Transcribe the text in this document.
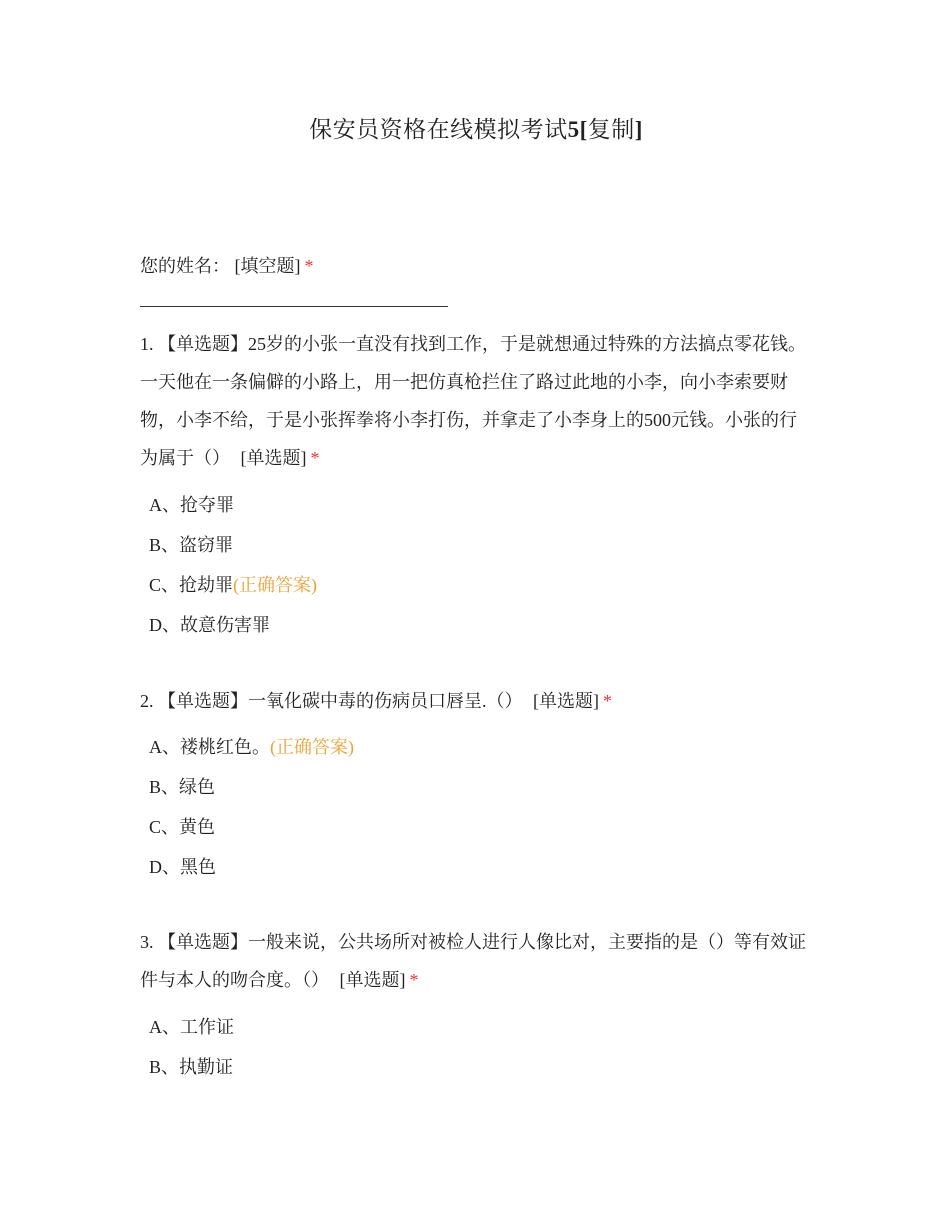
保安员资格在线模拟考试5[复制]
您的姓名： [填空题] *
1. 【单选题】25岁的小张一直没有找到工作，于是就想通过特殊的方法搞点零花钱。一天他在一条偏僻的小路上，用一把仿真枪拦住了路过此地的小李，向小李索要财物，小李不给，于是小张挥拳将小李打伤，并拿走了小李身上的500元钱。小张的行为属于（） [单选题] *
A、抢夺罪
B、盗窃罪
C、抢劫罪(正确答案)
D、故意伤害罪
2. 【单选题】一氧化碳中毒的伤病员口唇呈.（） [单选题] *
A、褛桃红色。(正确答案)
B、绿色
C、黄色
D、黑色
3. 【单选题】一般来说，公共场所对被检人进行人像比对，主要指的是（）等有效证件与本人的吻合度。（） [单选题] *
A、工作证
B、执勤证
